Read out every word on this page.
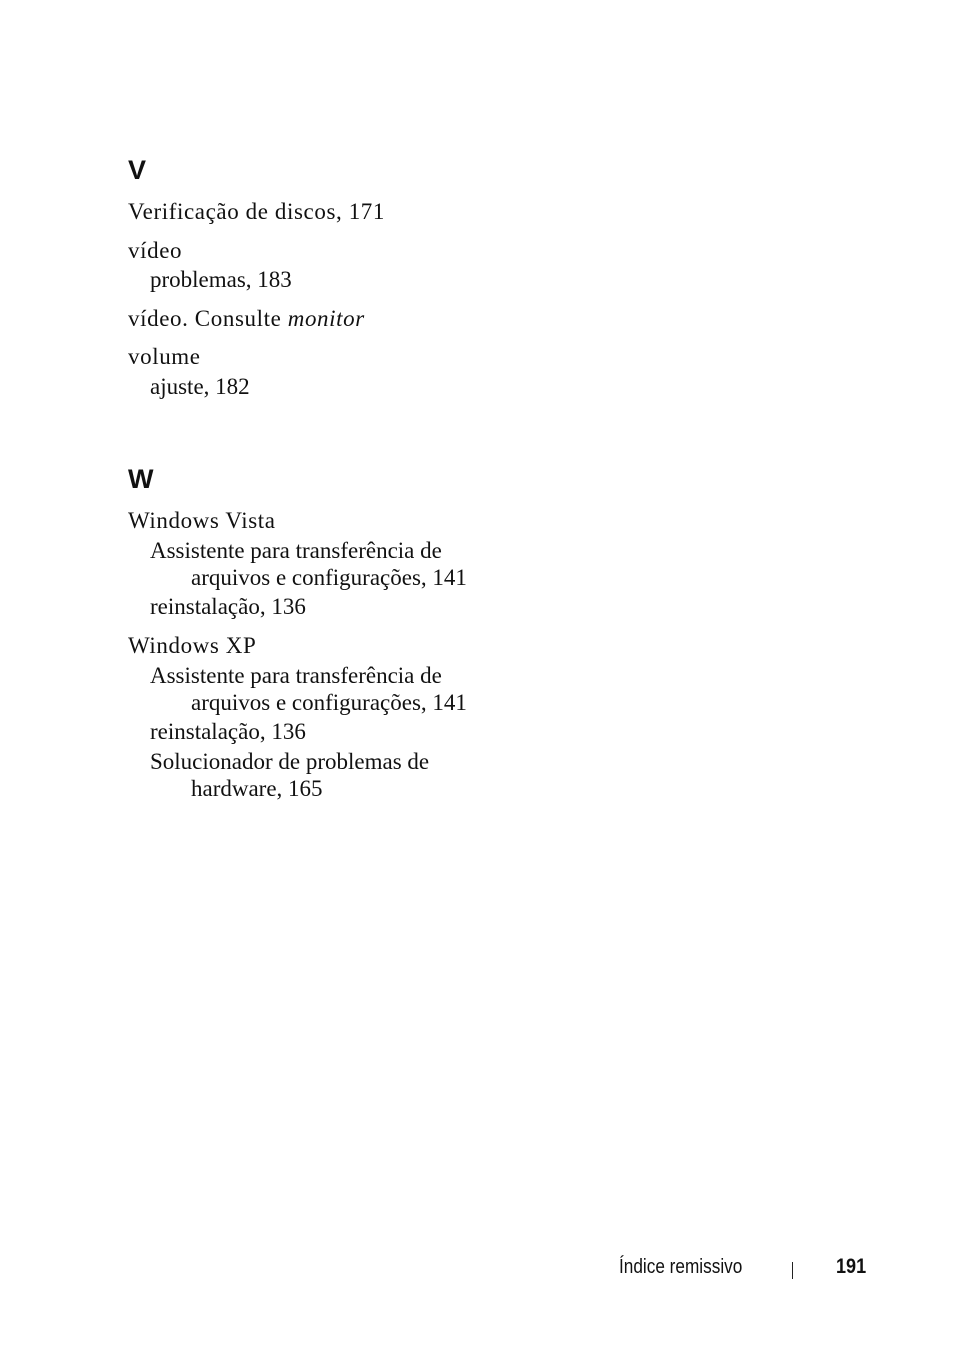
V
Verificação de discos, 171
vídeo
problemas, 183
vídeo. Consulte monitor
volume
ajuste, 182
W
Windows Vista
Assistente para transferência de
arquivos e configurações, 141
reinstalação, 136
Windows XP
Assistente para transferência de
arquivos e configurações, 141
reinstalação, 136
Solucionador de problemas de
hardware, 165
Índice remissivo	191
